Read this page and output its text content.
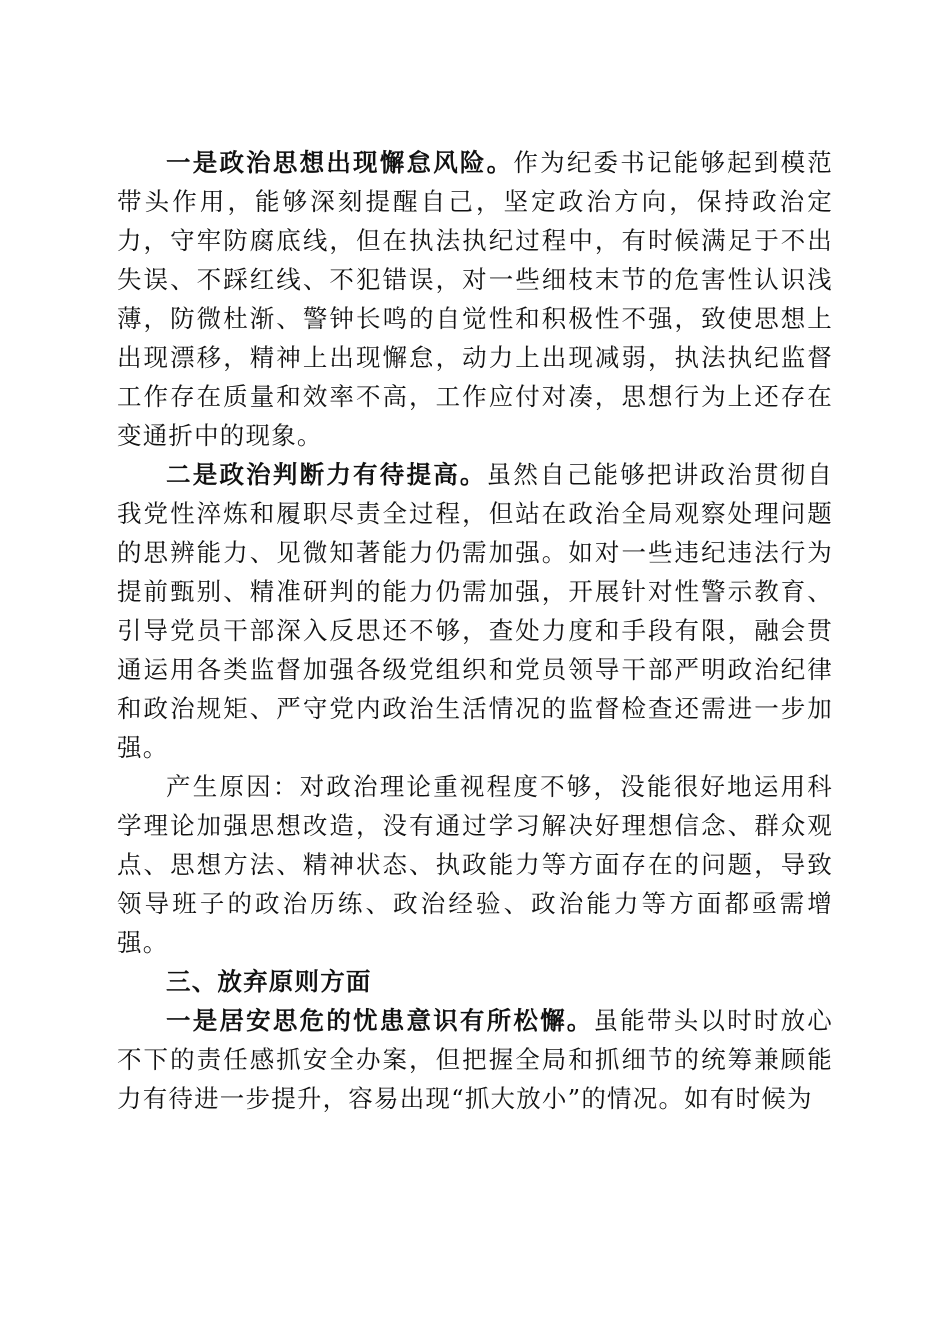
一是政治思想出现懈怠风险。作为纪委书记能够起到模范带头作用，能够深刻提醒自己，坚定政治方向，保持政治定力，守牢防腐底线，但在执法执纪过程中，有时候满足于不出失误、不踩红线、不犯错误，对一些细枝末节的危害性认识浅薄，防微杜渐、警钟长鸣的自觉性和积极性不强，致使思想上出现漂移，精神上出现懈怠，动力上出现减弱，执法执纪监督工作存在质量和效率不高，工作应付对凑，思想行为上还存在变通折中的现象。

二是政治判断力有待提高。虽然自己能够把讲政治贯彻自我党性淬炼和履职尽责全过程，但站在政治全局观察处理问题的思辨能力、见微知著能力仍需加强。如对一些违纪违法行为提前甄别、精准研判的能力仍需加强，开展针对性警示教育、引导党员干部深入反思还不够，查处力度和手段有限，融会贯通运用各类监督加强各级党组织和党员领导干部严明政治纪律和政治规矩、严守党内政治生活情况的监督检查还需进一步加强。

产生原因：对政治理论重视程度不够，没能很好地运用科学理论加强思想改造，没有通过学习解决好理想信念、群众观点、思想方法、精神状态、执政能力等方面存在的问题，导致领导班子的政治历练、政治经验、政治能力等方面都亟需增强。

三、放弃原则方面

一是居安思危的忧患意识有所松懈。虽能带头以时时放心不下的责任感抓安全办案，但把握全局和抓细节的统筹兼顾能力有待进一步提升，容易出现“抓大放小”的情况。如有时候为
